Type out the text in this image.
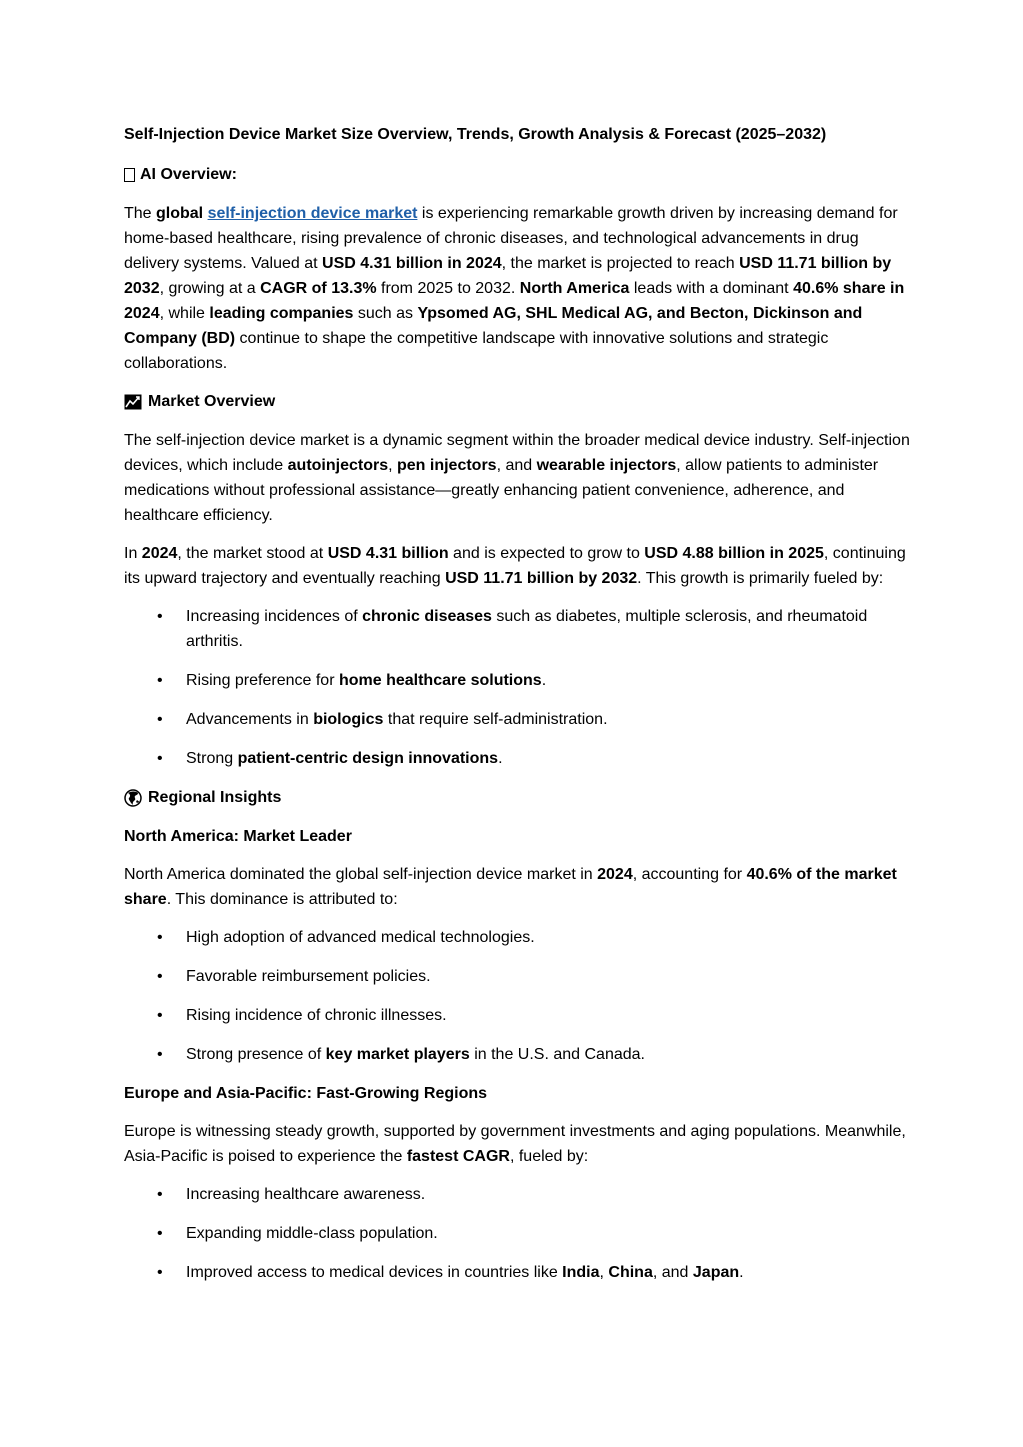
Self-Injection Device Market Size Overview, Trends, Growth Analysis & Forecast (2025–2032)
AI Overview:
The global self-injection device market is experiencing remarkable growth driven by increasing demand for home-based healthcare, rising prevalence of chronic diseases, and technological advancements in drug delivery systems. Valued at USD 4.31 billion in 2024, the market is projected to reach USD 11.71 billion by 2032, growing at a CAGR of 13.3% from 2025 to 2032. North America leads with a dominant 40.6% share in 2024, while leading companies such as Ypsomed AG, SHL Medical AG, and Becton, Dickinson and Company (BD) continue to shape the competitive landscape with innovative solutions and strategic collaborations.
Market Overview
The self-injection device market is a dynamic segment within the broader medical device industry. Self-injection devices, which include autoinjectors, pen injectors, and wearable injectors, allow patients to administer medications without professional assistance—greatly enhancing patient convenience, adherence, and healthcare efficiency.
In 2024, the market stood at USD 4.31 billion and is expected to grow to USD 4.88 billion in 2025, continuing its upward trajectory and eventually reaching USD 11.71 billion by 2032. This growth is primarily fueled by:
• Increasing incidences of chronic diseases such as diabetes, multiple sclerosis, and rheumatoid arthritis.
• Rising preference for home healthcare solutions.
• Advancements in biologics that require self-administration.
• Strong patient-centric design innovations.
Regional Insights
North America: Market Leader
North America dominated the global self-injection device market in 2024, accounting for 40.6% of the market share. This dominance is attributed to:
• High adoption of advanced medical technologies.
• Favorable reimbursement policies.
• Rising incidence of chronic illnesses.
• Strong presence of key market players in the U.S. and Canada.
Europe and Asia-Pacific: Fast-Growing Regions
Europe is witnessing steady growth, supported by government investments and aging populations. Meanwhile, Asia-Pacific is poised to experience the fastest CAGR, fueled by:
• Increasing healthcare awareness.
• Expanding middle-class population.
• Improved access to medical devices in countries like India, China, and Japan.
